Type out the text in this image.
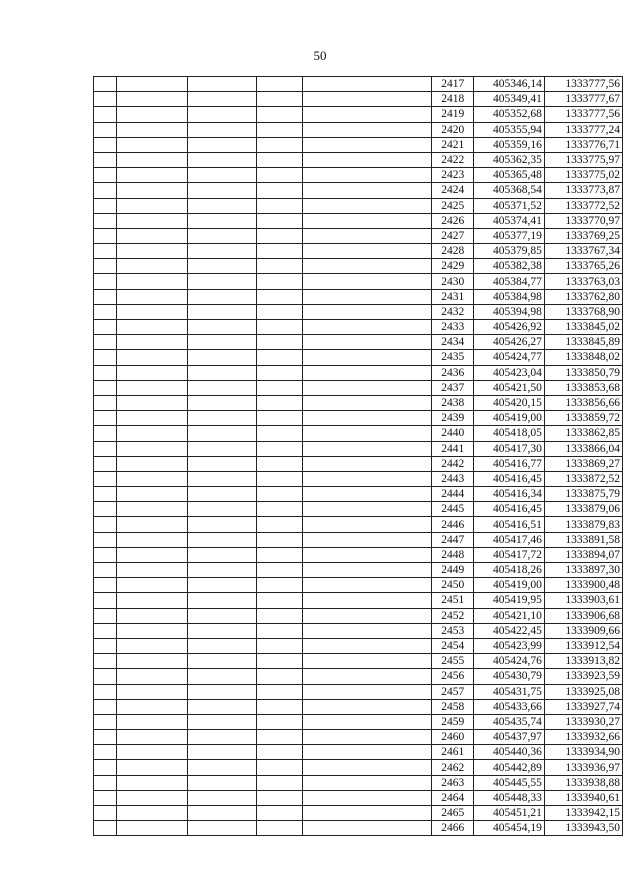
50
					2417	405346,14	1333777,56
					2418	405349,41	1333777,67
					2419	405352,68	1333777,56
					2420	405355,94	1333777,24
					2421	405359,16	1333776,71
					2422	405362,35	1333775,97
					2423	405365,48	1333775,02
					2424	405368,54	1333773,87
					2425	405371,52	1333772,52
					2426	405374,41	1333770,97
					2427	405377,19	1333769,25
					2428	405379,85	1333767,34
					2429	405382,38	1333765,26
					2430	405384,77	1333763,03
					2431	405384,98	1333762,80
					2432	405394,98	1333768,90
					2433	405426,92	1333845,02
					2434	405426,27	1333845,89
					2435	405424,77	1333848,02
					2436	405423,04	1333850,79
					2437	405421,50	1333853,68
					2438	405420,15	1333856,66
					2439	405419,00	1333859,72
					2440	405418,05	1333862,85
					2441	405417,30	1333866,04
					2442	405416,77	1333869,27
					2443	405416,45	1333872,52
					2444	405416,34	1333875,79
					2445	405416,45	1333879,06
					2446	405416,51	1333879,83
					2447	405417,46	1333891,58
					2448	405417,72	1333894,07
					2449	405418,26	1333897,30
					2450	405419,00	1333900,48
					2451	405419,95	1333903,61
					2452	405421,10	1333906,68
					2453	405422,45	1333909,66
					2454	405423,99	1333912,54
					2455	405424,76	1333913,82
					2456	405430,79	1333923,59
					2457	405431,75	1333925,08
					2458	405433,66	1333927,74
					2459	405435,74	1333930,27
					2460	405437,97	1333932,66
					2461	405440,36	1333934,90
					2462	405442,89	1333936,97
					2463	405445,55	1333938,88
					2464	405448,33	1333940,61
					2465	405451,21	1333942,15
					2466	405454,19	1333943,50
